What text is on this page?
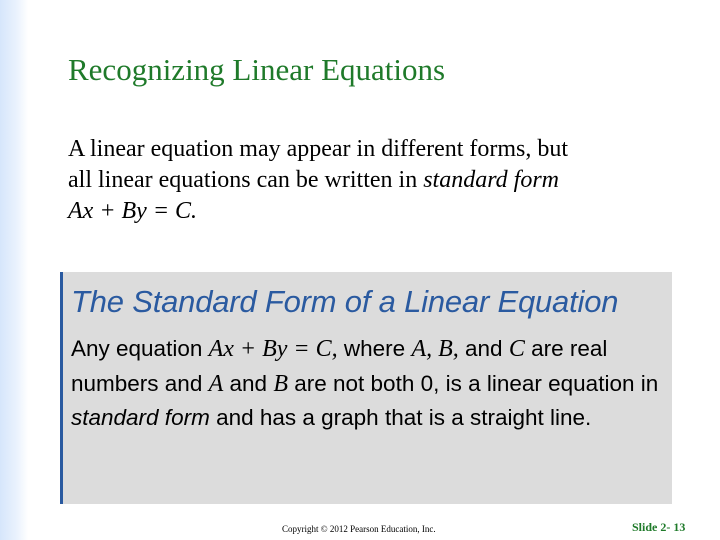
Recognizing Linear Equations
A linear equation may appear in different forms, but
all linear equations can be written in standard form
Ax + By = C.
The Standard Form of a Linear Equation
Any equation Ax + By = C, where A, B, and C are real numbers and A and B are not both 0, is a linear equation in standard form and has a graph that is a straight line.
Copyright © 2012 Pearson Education, Inc.	Slide 2- 13
